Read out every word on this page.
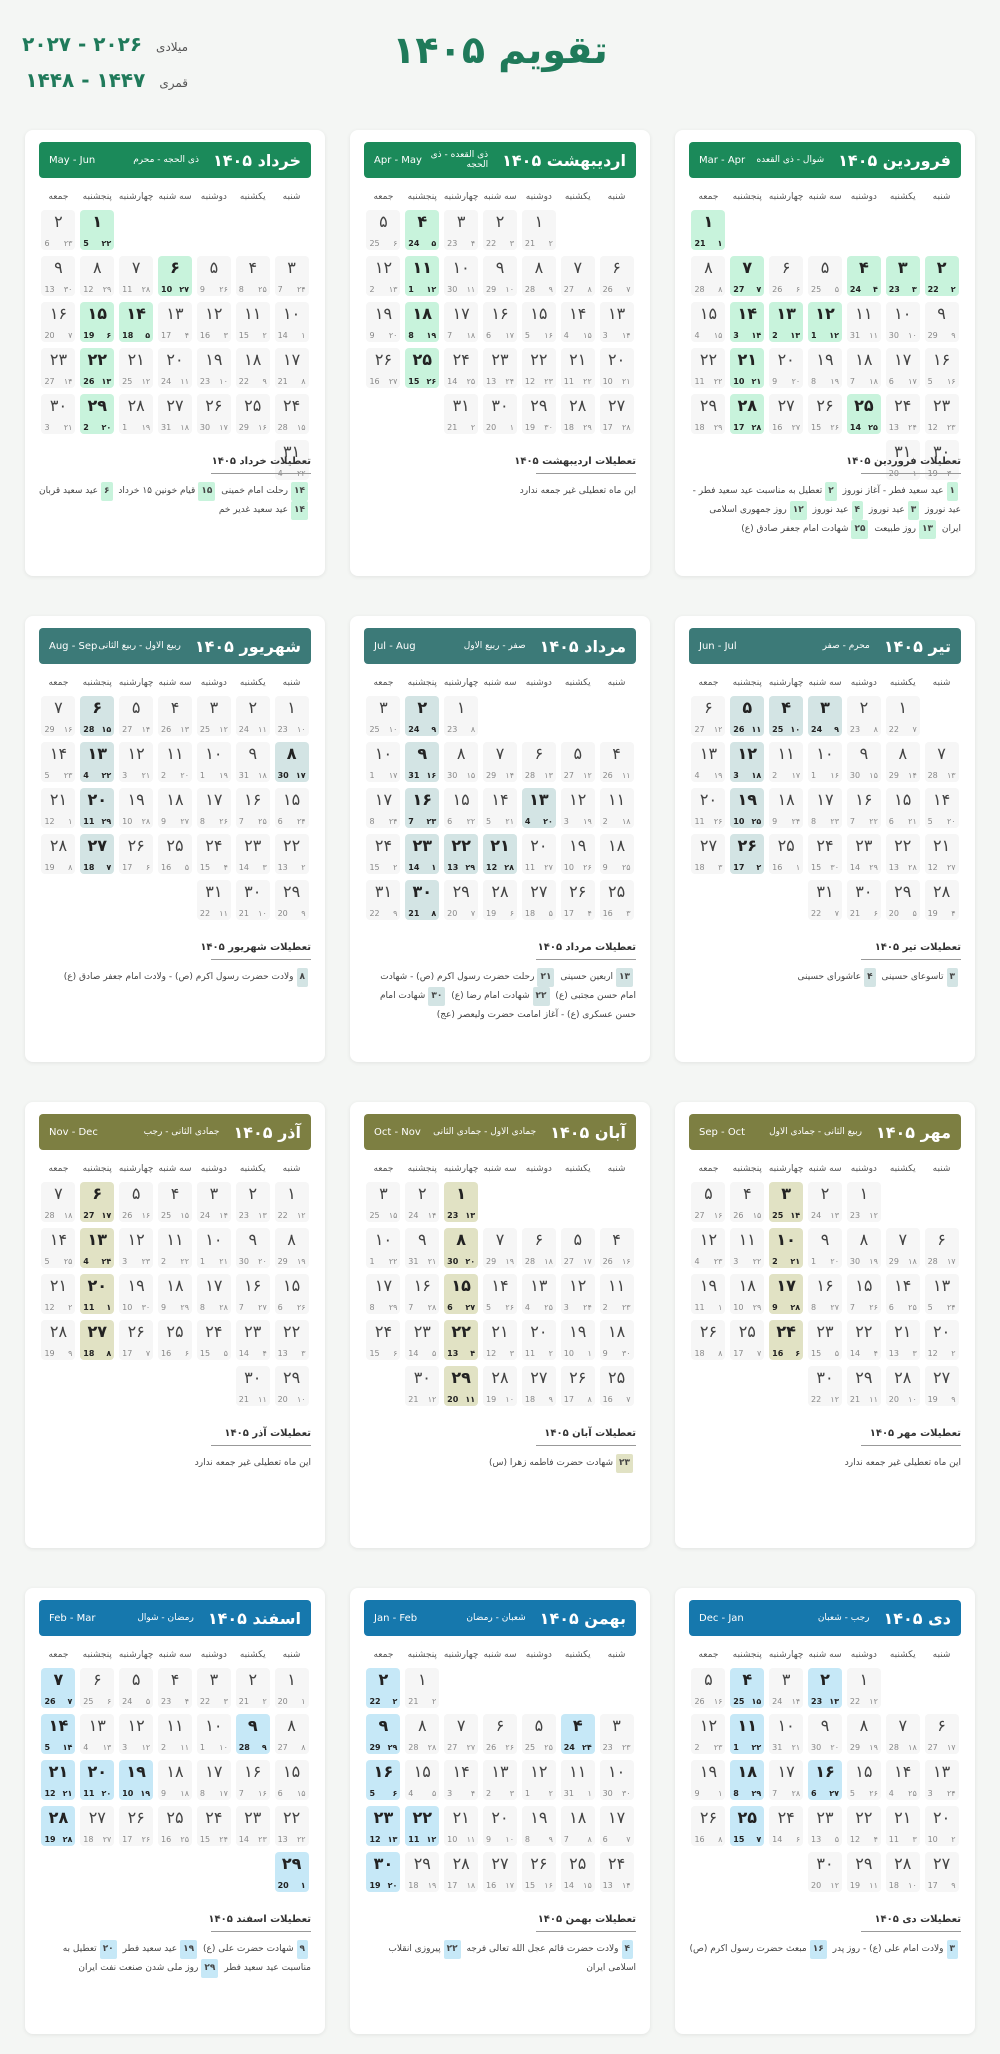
تقویم ۱۴۰۵
میلادی
۲۰۲۶ - ۲۰۲۷
قمری
۱۴۴۷ - ۱۴۴۸
فروردین ۱۴۰۵
شوال - ذی القعده
Mar - Apr
شنبه
یکشنبه
دوشنبه
سه شنبه
چهارشنبه
پنجشنبه
جمعه
۱
۱
21
۲
۲
22
۳
۳
23
۴
۴
24
۵
۵
25
۶
۶
26
۷
۷
27
۸
۸
28
۹
۹
29
۱۰
۱۰
30
۱۱
۱۱
31
۱۲
۱۲
1
۱۳
۱۳
2
۱۴
۱۴
3
۱۵
۱۵
4
۱۶
۱۶
5
۱۷
۱۷
6
۱۸
۱۸
7
۱۹
۱۹
8
۲۰
۲۰
9
۲۱
۲۱
10
۲۲
۲۲
11
۲۳
۲۳
12
۲۴
۲۴
13
۲۵
۲۵
14
۲۶
۲۶
15
۲۷
۲۷
16
۲۸
۲۸
17
۲۹
۲۹
18
۳۰
۳۰
19
۳۱
۱
20
تعطیلات فروردین ۱۴۰۵
۱عید سعید فطر - آغاز نوروز ۲تعطیل به مناسبت عید سعید فطر - عید نوروز ۳عید نوروز ۴عید نوروز ۱۲روز جمهوری اسلامی ایران ۱۳روز طبیعت ۲۵شهادت امام جعفر صادق (ع)
اردیبهشت ۱۴۰۵
ذی القعده - ذی الحجه
Apr - May
شنبه
یکشنبه
دوشنبه
سه شنبه
چهارشنبه
پنجشنبه
جمعه
۱
۲
21
۲
۳
22
۳
۴
23
۴
۵
24
۵
۶
25
۶
۷
26
۷
۸
27
۸
۹
28
۹
۱۰
29
۱۰
۱۱
30
۱۱
۱۲
1
۱۲
۱۳
2
۱۳
۱۴
3
۱۴
۱۵
4
۱۵
۱۶
5
۱۶
۱۷
6
۱۷
۱۸
7
۱۸
۱۹
8
۱۹
۲۰
9
۲۰
۲۱
10
۲۱
۲۲
11
۲۲
۲۳
12
۲۳
۲۴
13
۲۴
۲۵
14
۲۵
۲۶
15
۲۶
۲۷
16
۲۷
۲۸
17
۲۸
۲۹
18
۲۹
۳۰
19
۳۰
۱
20
۳۱
۲
21
تعطیلات اردیبهشت ۱۴۰۵
این ماه تعطیلی غیر جمعه ندارد
خرداد ۱۴۰۵
ذی الحجه - محرم
May - Jun
شنبه
یکشنبه
دوشنبه
سه شنبه
چهارشنبه
پنجشنبه
جمعه
۱
۲۲
5
۲
۲۳
6
۳
۲۴
7
۴
۲۵
8
۵
۲۶
9
۶
۲۷
10
۷
۲۸
11
۸
۲۹
12
۹
۳۰
13
۱۰
۱
14
۱۱
۲
15
۱۲
۳
16
۱۳
۴
17
۱۴
۵
18
۱۵
۶
19
۱۶
۷
20
۱۷
۸
21
۱۸
۹
22
۱۹
۱۰
23
۲۰
۱۱
24
۲۱
۱۲
25
۲۲
۱۳
26
۲۳
۱۴
27
۲۴
۱۵
28
۲۵
۱۶
29
۲۶
۱۷
30
۲۷
۱۸
31
۲۸
۱۹
1
۲۹
۲۰
2
۳۰
۲۱
3
۳۱
۲۲
4
تعطیلات خرداد ۱۴۰۵
۱۴رحلت امام خمینی ۱۵قیام خونین ۱۵ خرداد ۶عید سعید قربان ۱۴عید سعید غدیر خم
تیر ۱۴۰۵
محرم - صفر
Jun - Jul
شنبه
یکشنبه
دوشنبه
سه شنبه
چهارشنبه
پنجشنبه
جمعه
۱
۷
22
۲
۸
23
۳
۹
24
۴
۱۰
25
۵
۱۱
26
۶
۱۲
27
۷
۱۳
28
۸
۱۴
29
۹
۱۵
30
۱۰
۱۶
1
۱۱
۱۷
2
۱۲
۱۸
3
۱۳
۱۹
4
۱۴
۲۰
5
۱۵
۲۱
6
۱۶
۲۲
7
۱۷
۲۳
8
۱۸
۲۴
9
۱۹
۲۵
10
۲۰
۲۶
11
۲۱
۲۷
12
۲۲
۲۸
13
۲۳
۲۹
14
۲۴
۳۰
15
۲۵
۱
16
۲۶
۲
17
۲۷
۳
18
۲۸
۴
19
۲۹
۵
20
۳۰
۶
21
۳۱
۷
22
تعطیلات تیر ۱۴۰۵
۳تاسوعای حسینی ۴عاشورای حسینی
مرداد ۱۴۰۵
صفر - ربیع الاول
Jul - Aug
شنبه
یکشنبه
دوشنبه
سه شنبه
چهارشنبه
پنجشنبه
جمعه
۱
۸
23
۲
۹
24
۳
۱۰
25
۴
۱۱
26
۵
۱۲
27
۶
۱۳
28
۷
۱۴
29
۸
۱۵
30
۹
۱۶
31
۱۰
۱۷
1
۱۱
۱۸
2
۱۲
۱۹
3
۱۳
۲۰
4
۱۴
۲۱
5
۱۵
۲۲
6
۱۶
۲۳
7
۱۷
۲۴
8
۱۸
۲۵
9
۱۹
۲۶
10
۲۰
۲۷
11
۲۱
۲۸
12
۲۲
۲۹
13
۲۳
۱
14
۲۴
۲
15
۲۵
۳
16
۲۶
۴
17
۲۷
۵
18
۲۸
۶
19
۲۹
۷
20
۳۰
۸
21
۳۱
۹
22
تعطیلات مرداد ۱۴۰۵
۱۳اربعین حسینی ۲۱رحلت حضرت رسول اکرم (ص) - شهادت امام حسن مجتبی (ع) ۲۲شهادت امام رضا (ع) ۳۰شهادت امام حسن عسکری (ع) - آغاز امامت حضرت ولیعصر (عج)
شهریور ۱۴۰۵
ربیع الاول - ربیع الثانی
Aug - Sep
شنبه
یکشنبه
دوشنبه
سه شنبه
چهارشنبه
پنجشنبه
جمعه
۱
۱۰
23
۲
۱۱
24
۳
۱۲
25
۴
۱۳
26
۵
۱۴
27
۶
۱۵
28
۷
۱۶
29
۸
۱۷
30
۹
۱۸
31
۱۰
۱۹
1
۱۱
۲۰
2
۱۲
۲۱
3
۱۳
۲۲
4
۱۴
۲۳
5
۱۵
۲۴
6
۱۶
۲۵
7
۱۷
۲۶
8
۱۸
۲۷
9
۱۹
۲۸
10
۲۰
۲۹
11
۲۱
۱
12
۲۲
۲
13
۲۳
۳
14
۲۴
۴
15
۲۵
۵
16
۲۶
۶
17
۲۷
۷
18
۲۸
۸
19
۲۹
۹
20
۳۰
۱۰
21
۳۱
۱۱
22
تعطیلات شهریور ۱۴۰۵
۸ولادت حضرت رسول اکرم (ص) - ولادت امام جعفر صادق (ع)
مهر ۱۴۰۵
ربیع الثانی - جمادی الاول
Sep - Oct
شنبه
یکشنبه
دوشنبه
سه شنبه
چهارشنبه
پنجشنبه
جمعه
۱
۱۲
23
۲
۱۳
24
۳
۱۴
25
۴
۱۵
26
۵
۱۶
27
۶
۱۷
28
۷
۱۸
29
۸
۱۹
30
۹
۲۰
1
۱۰
۲۱
2
۱۱
۲۲
3
۱۲
۲۳
4
۱۳
۲۴
5
۱۴
۲۵
6
۱۵
۲۶
7
۱۶
۲۷
8
۱۷
۲۸
9
۱۸
۲۹
10
۱۹
۱
11
۲۰
۲
12
۲۱
۳
13
۲۲
۴
14
۲۳
۵
15
۲۴
۶
16
۲۵
۷
17
۲۶
۸
18
۲۷
۹
19
۲۸
۱۰
20
۲۹
۱۱
21
۳۰
۱۲
22
تعطیلات مهر ۱۴۰۵
این ماه تعطیلی غیر جمعه ندارد
آبان ۱۴۰۵
جمادی الاول - جمادی الثانی
Oct - Nov
شنبه
یکشنبه
دوشنبه
سه شنبه
چهارشنبه
پنجشنبه
جمعه
۱
۱۳
23
۲
۱۴
24
۳
۱۵
25
۴
۱۶
26
۵
۱۷
27
۶
۱۸
28
۷
۱۹
29
۸
۲۰
30
۹
۲۱
31
۱۰
۲۲
1
۱۱
۲۳
2
۱۲
۲۴
3
۱۳
۲۵
4
۱۴
۲۶
5
۱۵
۲۷
6
۱۶
۲۸
7
۱۷
۲۹
8
۱۸
۳۰
9
۱۹
۱
10
۲۰
۲
11
۲۱
۳
12
۲۲
۴
13
۲۳
۵
14
۲۴
۶
15
۲۵
۷
16
۲۶
۸
17
۲۷
۹
18
۲۸
۱۰
19
۲۹
۱۱
20
۳۰
۱۲
21
تعطیلات آبان ۱۴۰۵
۲۳شهادت حضرت فاطمه زهرا (س)
آذر ۱۴۰۵
جمادی الثانی - رجب
Nov - Dec
شنبه
یکشنبه
دوشنبه
سه شنبه
چهارشنبه
پنجشنبه
جمعه
۱
۱۲
22
۲
۱۳
23
۳
۱۴
24
۴
۱۵
25
۵
۱۶
26
۶
۱۷
27
۷
۱۸
28
۸
۱۹
29
۹
۲۰
30
۱۰
۲۱
1
۱۱
۲۲
2
۱۲
۲۳
3
۱۳
۲۴
4
۱۴
۲۵
5
۱۵
۲۶
6
۱۶
۲۷
7
۱۷
۲۸
8
۱۸
۲۹
9
۱۹
۳۰
10
۲۰
۱
11
۲۱
۲
12
۲۲
۳
13
۲۳
۴
14
۲۴
۵
15
۲۵
۶
16
۲۶
۷
17
۲۷
۸
18
۲۸
۹
19
۲۹
۱۰
20
۳۰
۱۱
21
تعطیلات آذر ۱۴۰۵
این ماه تعطیلی غیر جمعه ندارد
دی ۱۴۰۵
رجب - شعبان
Dec - Jan
شنبه
یکشنبه
دوشنبه
سه شنبه
چهارشنبه
پنجشنبه
جمعه
۱
۱۲
22
۲
۱۳
23
۳
۱۴
24
۴
۱۵
25
۵
۱۶
26
۶
۱۷
27
۷
۱۸
28
۸
۱۹
29
۹
۲۰
30
۱۰
۲۱
31
۱۱
۲۲
1
۱۲
۲۳
2
۱۳
۲۴
3
۱۴
۲۵
4
۱۵
۲۶
5
۱۶
۲۷
6
۱۷
۲۸
7
۱۸
۲۹
8
۱۹
۱
9
۲۰
۲
10
۲۱
۳
11
۲۲
۴
12
۲۳
۵
13
۲۴
۶
14
۲۵
۷
15
۲۶
۸
16
۲۷
۹
17
۲۸
۱۰
18
۲۹
۱۱
19
۳۰
۱۲
20
تعطیلات دی ۱۴۰۵
۳ولادت امام علی (ع) - روز پدر ۱۶مبعث حضرت رسول اکرم (ص)
بهمن ۱۴۰۵
شعبان - رمضان
Jan - Feb
شنبه
یکشنبه
دوشنبه
سه شنبه
چهارشنبه
پنجشنبه
جمعه
۱
۲
21
۲
۲
22
۳
۲۳
23
۴
۲۴
24
۵
۲۵
25
۶
۲۶
26
۷
۲۷
27
۸
۲۸
28
۹
۲۹
29
۱۰
۳۰
30
۱۱
۱
31
۱۲
۲
1
۱۳
۳
2
۱۴
۴
3
۱۵
۵
4
۱۶
۶
5
۱۷
۷
6
۱۸
۸
7
۱۹
۹
8
۲۰
۱۰
9
۲۱
۱۱
10
۲۲
۱۲
11
۲۳
۱۳
12
۲۴
۱۴
13
۲۵
۱۵
14
۲۶
۱۶
15
۲۷
۱۷
16
۲۸
۱۸
17
۲۹
۱۹
18
۳۰
۲۰
19
تعطیلات بهمن ۱۴۰۵
۴ولادت حضرت قائم عجل الله تعالی فرجه ۲۲پیروزی انقلاب اسلامی ایران
اسفند ۱۴۰۵
رمضان - شوال
Feb - Mar
شنبه
یکشنبه
دوشنبه
سه شنبه
چهارشنبه
پنجشنبه
جمعه
۱
۱
20
۲
۲
21
۳
۳
22
۴
۴
23
۵
۵
24
۶
۶
25
۷
۷
26
۸
۸
27
۹
۹
28
۱۰
۱۰
1
۱۱
۱۱
2
۱۲
۱۲
3
۱۳
۱۳
4
۱۴
۱۴
5
۱۵
۱۵
6
۱۶
۱۶
7
۱۷
۱۷
8
۱۸
۱۸
9
۱۹
۱۹
10
۲۰
۲۰
11
۲۱
۲۱
12
۲۲
۲۲
13
۲۳
۲۳
14
۲۴
۲۴
15
۲۵
۲۵
16
۲۶
۲۶
17
۲۷
۲۷
18
۲۸
۲۸
19
۲۹
۱
20
تعطیلات اسفند ۱۴۰۵
۹شهادت حضرت علی (ع) ۱۹عید سعید فطر ۲۰تعطیل به مناسبت عید سعید فطر ۲۹روز ملی شدن صنعت نفت ایران
